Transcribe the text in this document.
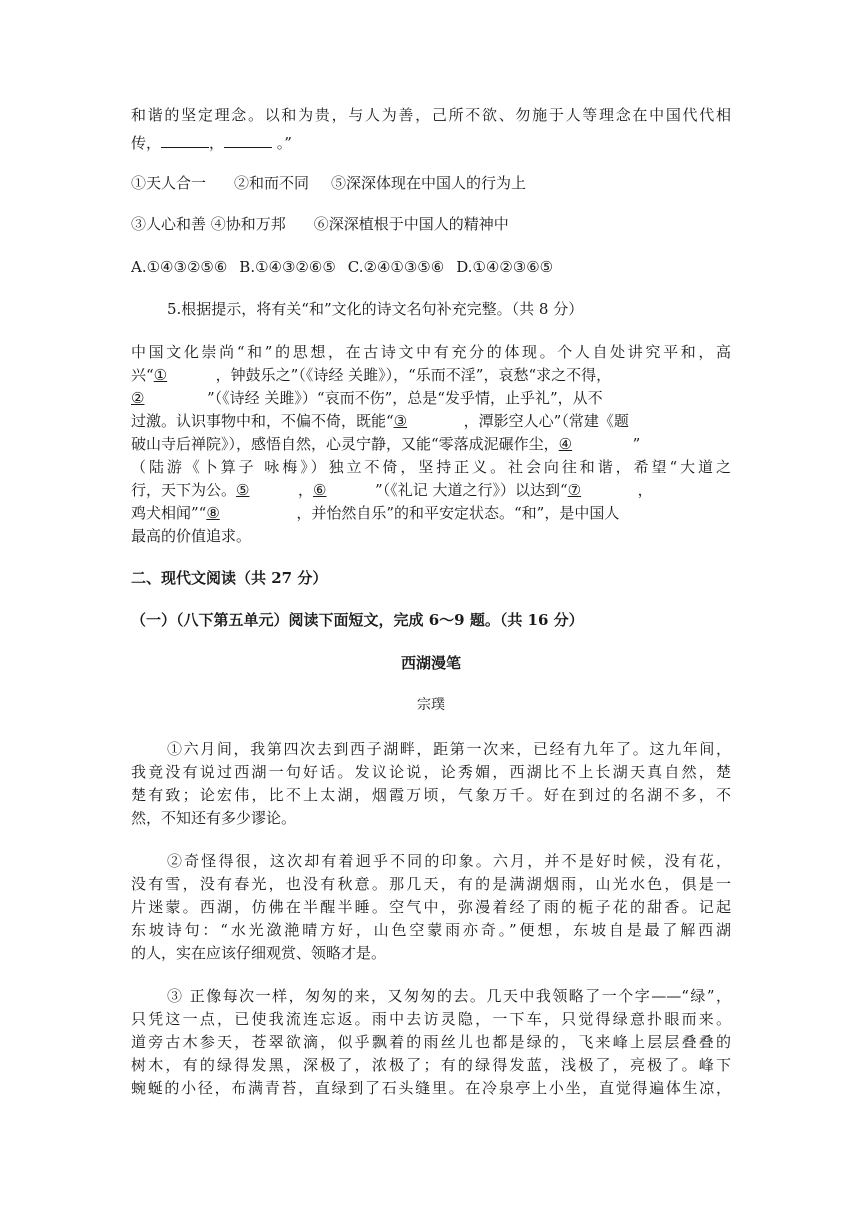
和谐的坚定理念。以和为贵，与人为善，己所不欲、勿施于人等理念在中国代代相
传，	，	。”
①天人合一 ②和而不同 ⑤深深体现在中国人的行为上
③人心和善 ④协和万邦 ⑥深深植根于中国人的精神中
A.①④③②⑤⑥ B.①④③②⑥⑤ C.②④①③⑤⑥ D.①④②③⑥⑤
5.根据提示，将有关“和”文化的诗文名句补充完整。（共 8 分）
中国文化崇尚“和”的思想，在古诗文中有充分的体现。个人自处讲究平和，高
兴“①	，钟鼓乐之”（《诗经 关雎》），“乐而不淫”，哀愁“求之不得，
②	”（《诗经 关雎》）“哀而不伤”，总是“发乎情，止乎礼”，从不
过激。认识事物中和，不偏不倚，既能“③	，潭影空人心”（常建《题
破山寺后禅院》），感悟自然，心灵宁静，又能“零落成泥碾作尘，④	”
（陆游《卜算子 咏梅》）独立不倚，坚持正义。社会向往和谐，希望“大道之
行，天下为公。⑤	，⑥	”（《礼记 大道之行》）以达到“⑦	，
鸡犬相闻”“⑧	，并怡然自乐”的和平安定状态。“和”，是中国人
最高的价值追求。
二、现代文阅读（共 27 分）
（一）（八下第五单元）阅读下面短文，完成 6～9 题。（共 16 分）
西湖漫笔
宗璞
①六月间，我第四次去到西子湖畔，距第一次来，已经有九年了。这九年间，
我竟没有说过西湖一句好话。发议论说，论秀媚，西湖比不上长湖天真自然，楚
楚有致；论宏伟，比不上太湖，烟霞万顷，气象万千。好在到过的名湖不多，不
然，不知还有多少谬论。
②奇怪得很，这次却有着迥乎不同的印象。六月，并不是好时候，没有花，
没有雪，没有春光，也没有秋意。那几天，有的是满湖烟雨，山光水色，俱是一
片迷蒙。西湖，仿佛在半醒半睡。空气中，弥漫着经了雨的栀子花的甜香。记起
东坡诗句：“水光潋滟晴方好，山色空蒙雨亦奇。”便想，东坡自是最了解西湖
的人，实在应该仔细观赏、领略才是。
③ 正像每次一样，匆匆的来，又匆匆的去。几天中我领略了一个字——“绿”，
只凭这一点，已使我流连忘返。雨中去访灵隐，一下车，只觉得绿意扑眼而来。
道旁古木参天，苍翠欲滴，似乎飘着的雨丝儿也都是绿的，飞来峰上层层叠叠的
树木，有的绿得发黑，深极了，浓极了；有的绿得发蓝，浅极了，亮极了。峰下
蜿蜒的小径，布满青苔，直绿到了石头缝里。在冷泉亭上小坐，直觉得遍体生凉，
